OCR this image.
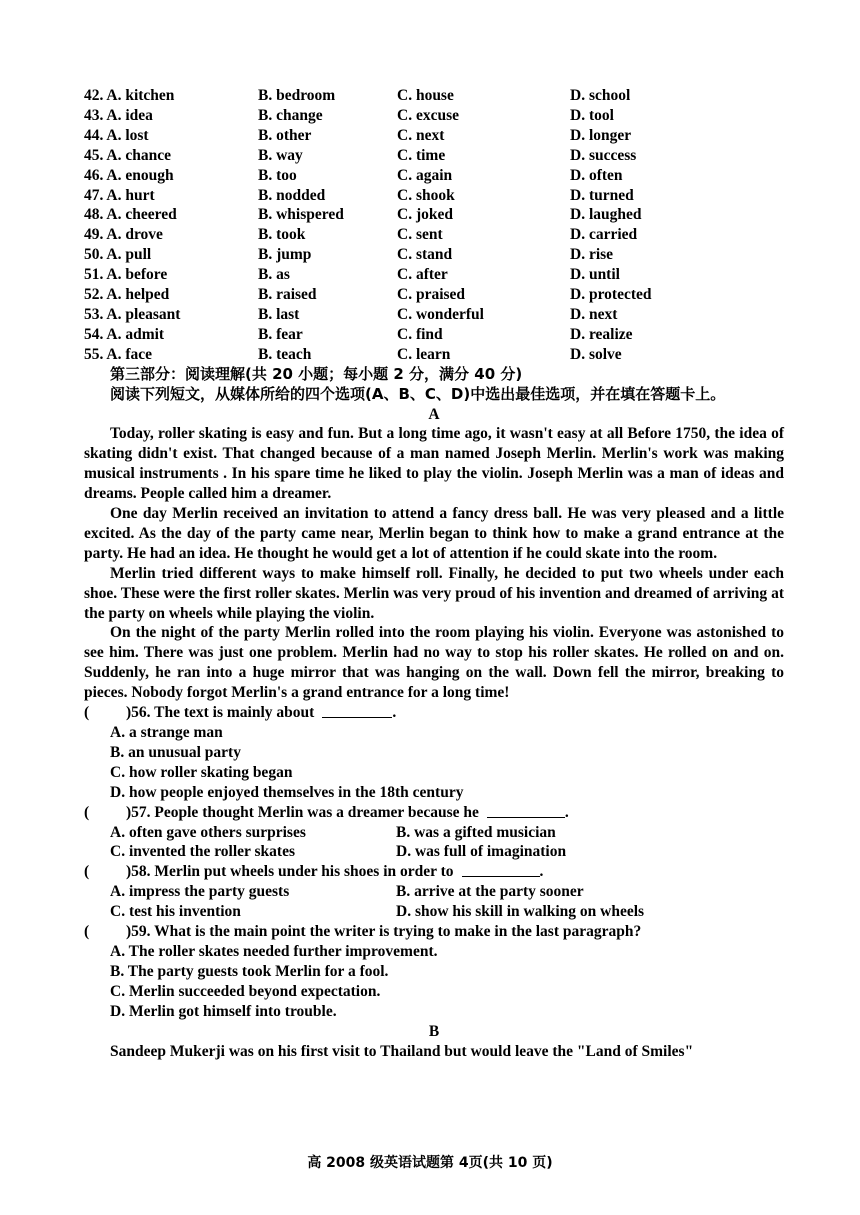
42. A. kitchen	B. bedroom	C. house	D. school
43. A. idea	B. change	C. excuse	D. tool
44. A. lost	B. other	C. next	D. longer
45. A. chance	B. way	C. time	D. success
46. A. enough	B. too	C. again	D. often
47. A. hurt	B. nodded	C. shook	D. turned
48. A. cheered	B. whispered	C. joked	D. laughed
49. A. drove	B. took	C. sent	D. carried
50. A. pull	B. jump	C. stand	D. rise
51. A. before	B. as	C. after	D. until
52. A. helped	B. raised	C. praised	D. protected
53. A. pleasant	B. last	C. wonderful	D. next
54. A. admit	B. fear	C. find	D. realize
55. A. face	B. teach	C. learn	D. solve

第三部分：阅读理解(共 20 小题；每小题 2 分，满分 40 分)

阅读下列短文，从媒体所给的四个选项(A、B、C、D)中选出最佳选项，并在填在答题卡上。

A

Today, roller skating is easy and fun. But a long time ago, it wasn't easy at all Before 1750, the idea of skating didn't exist. That changed because of a man named Joseph Merlin. Merlin's work was making musical instruments . In his spare time he liked to play the violin. Joseph Merlin was a man of ideas and dreams. People called him a dreamer.

One day Merlin received an invitation to attend a fancy dress ball. He was very pleased and a little excited. As the day of the party came near, Merlin began to think how to make a grand entrance at the party. He had an idea. He thought he would get a lot of attention if he could skate into the room.

Merlin tried different ways to make himself roll. Finally, he decided to put two wheels under each shoe. These were the first roller skates. Merlin was very proud of his invention and dreamed of arriving at the party on wheels while playing the violin.

On the night of the party Merlin rolled into the room playing his violin. Everyone was astonished to see him. There was just one problem. Merlin had no way to stop his roller skates. He rolled on and on. Suddenly, he ran into a huge mirror that was hanging on the wall. Down fell the mirror, breaking to pieces. Nobody forgot Merlin's a grand entrance for a long time!

(	)56. The text is mainly about	.
A. a strange man
B. an unusual party
C. how roller skating began
D. how people enjoyed themselves in the 18th century
(	)57. People thought Merlin was a dreamer because he	.
A. often gave others surprises	B. was a gifted musician
C. invented the roller skates	D. was full of imagination
(	)58. Merlin put wheels under his shoes in order to	.
A. impress the party guests	B. arrive at the party sooner
C. test his invention	D. show his skill in walking on wheels
(	)59. What is the main point the writer is trying to make in the last paragraph?
A. The roller skates needed further improvement.
B. The party guests took Merlin for a fool.
C. Merlin succeeded beyond expectation.
D. Merlin got himself into trouble.

B

Sandeep Mukerji was on his first visit to Thailand but would leave the "Land of Smiles"

高 2008 级英语试题第 4页(共 10 页)
